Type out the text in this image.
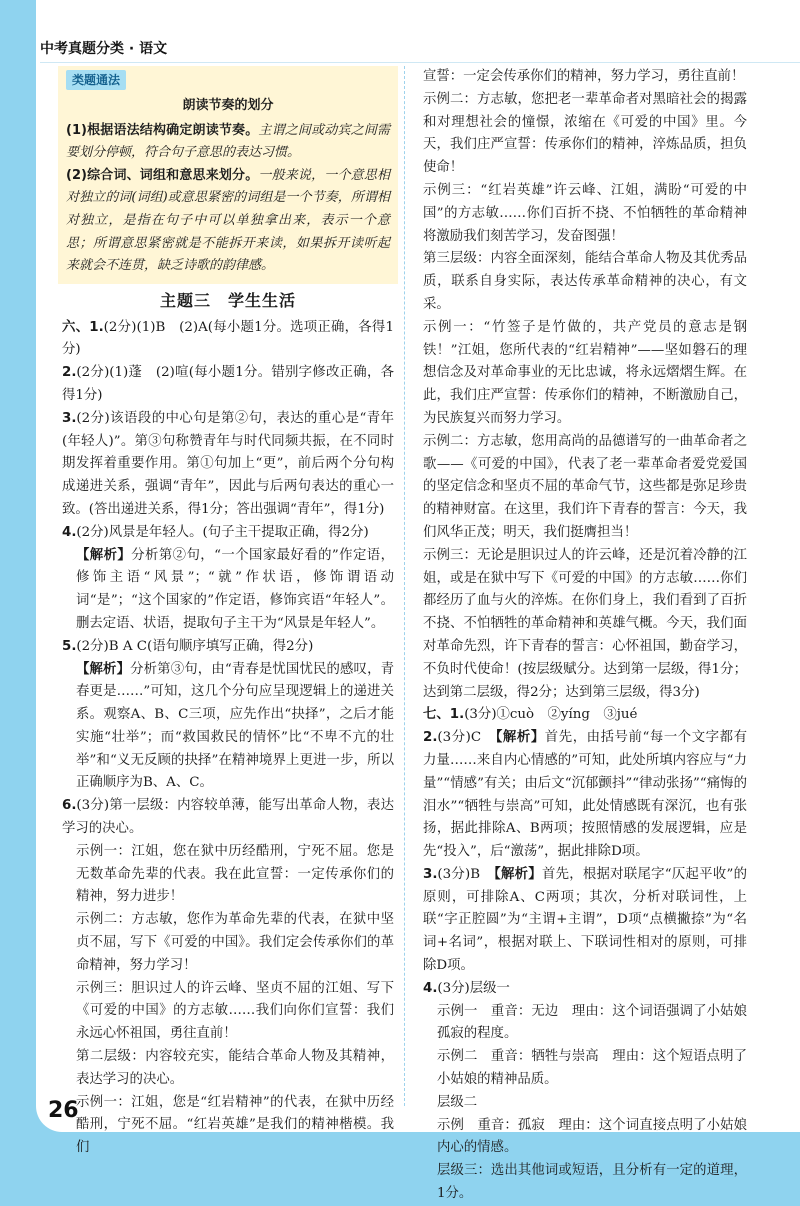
中考真题分类 · 语文
类题通法
朗读节奏的划分

(1)根据语法结构确定朗读节奏。主谓之间或动宾之间需要划分停顿，符合句子意思的表达习惯。

(2)综合词、词组和意思来划分。一般来说，一个意思相对独立的词(词组)或意思紧密的词组是一个节奏，所谓相对独立，是指在句子中可以单独拿出来，表示一个意思；所谓意思紧密就是不能拆开来读，如果拆开读听起来就会不连贯，缺乏诗歌的韵律感。

主题三　学生生活

六、1.(2分)(1)B　(2)A(每小题1分。选项正确，各得1分)

2.(2分)(1)蓬　(2)喧(每小题1分。错别字修改正确，各得1分)

3.(2分)该语段的中心句是第②句，表达的重心是“青年(年轻人)”。第③句称赞青年与时代同频共振，在不同时期发挥着重要作用。第①句加上“更”，前后两个分句构成递进关系，强调“青年”，因此与后两句表达的重心一致。(答出递进关系，得1分；答出强调“青年”，得1分)

4.(2分)风景是年轻人。(句子主干提取正确，得2分)

【解析】分析第②句，“一个国家最好看的”作定语，修饰主语“风景”；“就”作状语，修饰谓语动词“是”；“这个国家的”作定语，修饰宾语“年轻人”。删去定语、状语，提取句子主干为“风景是年轻人”。

5.(2分)B A C(语句顺序填写正确，得2分)

【解析】分析第③句，由“青春是忧国忧民的感叹，青春更是……”可知，这几个分句应呈现逻辑上的递进关系。观察A、B、C三项，应先作出“抉择”，之后才能实施“壮举”；而“救国救民的情怀”比“不卑不亢的壮举”和“义无反顾的抉择”在精神境界上更进一步，所以正确顺序为B、A、C。

6.(3分)第一层级：内容较单薄，能写出革命人物，表达学习的决心。

示例一：江姐，您在狱中历经酷刑，宁死不屈。您是无数革命先辈的代表。我在此宣誓：一定传承你们的精神，努力进步！

示例二：方志敏，您作为革命先辈的代表，在狱中坚贞不屈，写下《可爱的中国》。我们定会传承你们的革命精神，努力学习！

示例三：胆识过人的许云峰、坚贞不屈的江姐、写下《可爱的中国》的方志敏……我们向你们宣誓：我们永远心怀祖国，勇往直前！

第二层级：内容较充实，能结合革命人物及其精神，表达学习的决心。

示例一：江姐，您是“红岩精神”的代表，在狱中历经酷刑，宁死不屈。“红岩英雄”是我们的精神楷模。我们

宣誓：一定会传承你们的精神，努力学习，勇往直前！

示例二：方志敏，您把老一辈革命者对黑暗社会的揭露和对理想社会的憧憬，浓缩在《可爱的中国》里。今天，我们庄严宣誓：传承你们的精神，淬炼品质，担负使命！

示例三：“红岩英雄”许云峰、江姐，满盼“可爱的中国”的方志敏……你们百折不挠、不怕牺牲的革命精神将激励我们刻苦学习，发奋图强！

第三层级：内容全面深刻，能结合革命人物及其优秀品质，联系自身实际，表达传承革命精神的决心，有文采。

示例一：“竹签子是竹做的，共产党员的意志是钢铁！”江姐，您所代表的“红岩精神”——坚如磐石的理想信念及对革命事业的无比忠诚，将永远熠熠生辉。在此，我们庄严宣誓：传承你们的精神，不断激励自己，为民族复兴而努力学习。

示例二：方志敏，您用高尚的品德谱写的一曲革命者之歌——《可爱的中国》，代表了老一辈革命者爱党爱国的坚定信念和坚贞不屈的革命气节，这些都是弥足珍贵的精神财富。在这里，我们许下青春的誓言：今天，我们风华正茂；明天，我们挺膺担当！

示例三：无论是胆识过人的许云峰，还是沉着冷静的江姐，或是在狱中写下《可爱的中国》的方志敏……你们都经历了血与火的淬炼。在你们身上，我们看到了百折不挠、不怕牺牲的革命精神和英雄气概。今天，我们面对革命先烈，许下青春的誓言：心怀祖国，勤奋学习，不负时代使命！(按层级赋分。达到第一层级，得1分；达到第二层级，得2分；达到第三层级，得3分)

七、1.(3分)①cuò　②yíng　③jué

2.(3分)C　【解析】首先，由括号前“每一个文字都有力量……来自内心情感的”可知，此处所填内容应与“力量”“情感”有关；由后文“沉郁颤抖”“律动张扬”“痛悔的泪水”“牺牲与崇高”可知，此处情感既有深沉，也有张扬，据此排除A、B两项；按照情感的发展逻辑，应是先“投入”，后“激荡”，据此排除D项。

3.(3分)B　【解析】首先，根据对联尾字“仄起平收”的原则，可排除A、C两项；其次，分析对联词性，上联“字正腔圆”为“主谓+主谓”，D项“点横撇捺”为“名词+名词”，根据对联上、下联词性相对的原则，可排除D项。

4.(3分)层级一

示例一　重音：无边　理由：这个词语强调了小姑娘孤寂的程度。

示例二　重音：牺牲与崇高　理由：这个短语点明了小姑娘的精神品质。

层级二

示例　重音：孤寂　理由：这个词直接点明了小姑娘内心的情感。

层级三：选出其他词或短语，且分析有一定的道理，1分。

26
